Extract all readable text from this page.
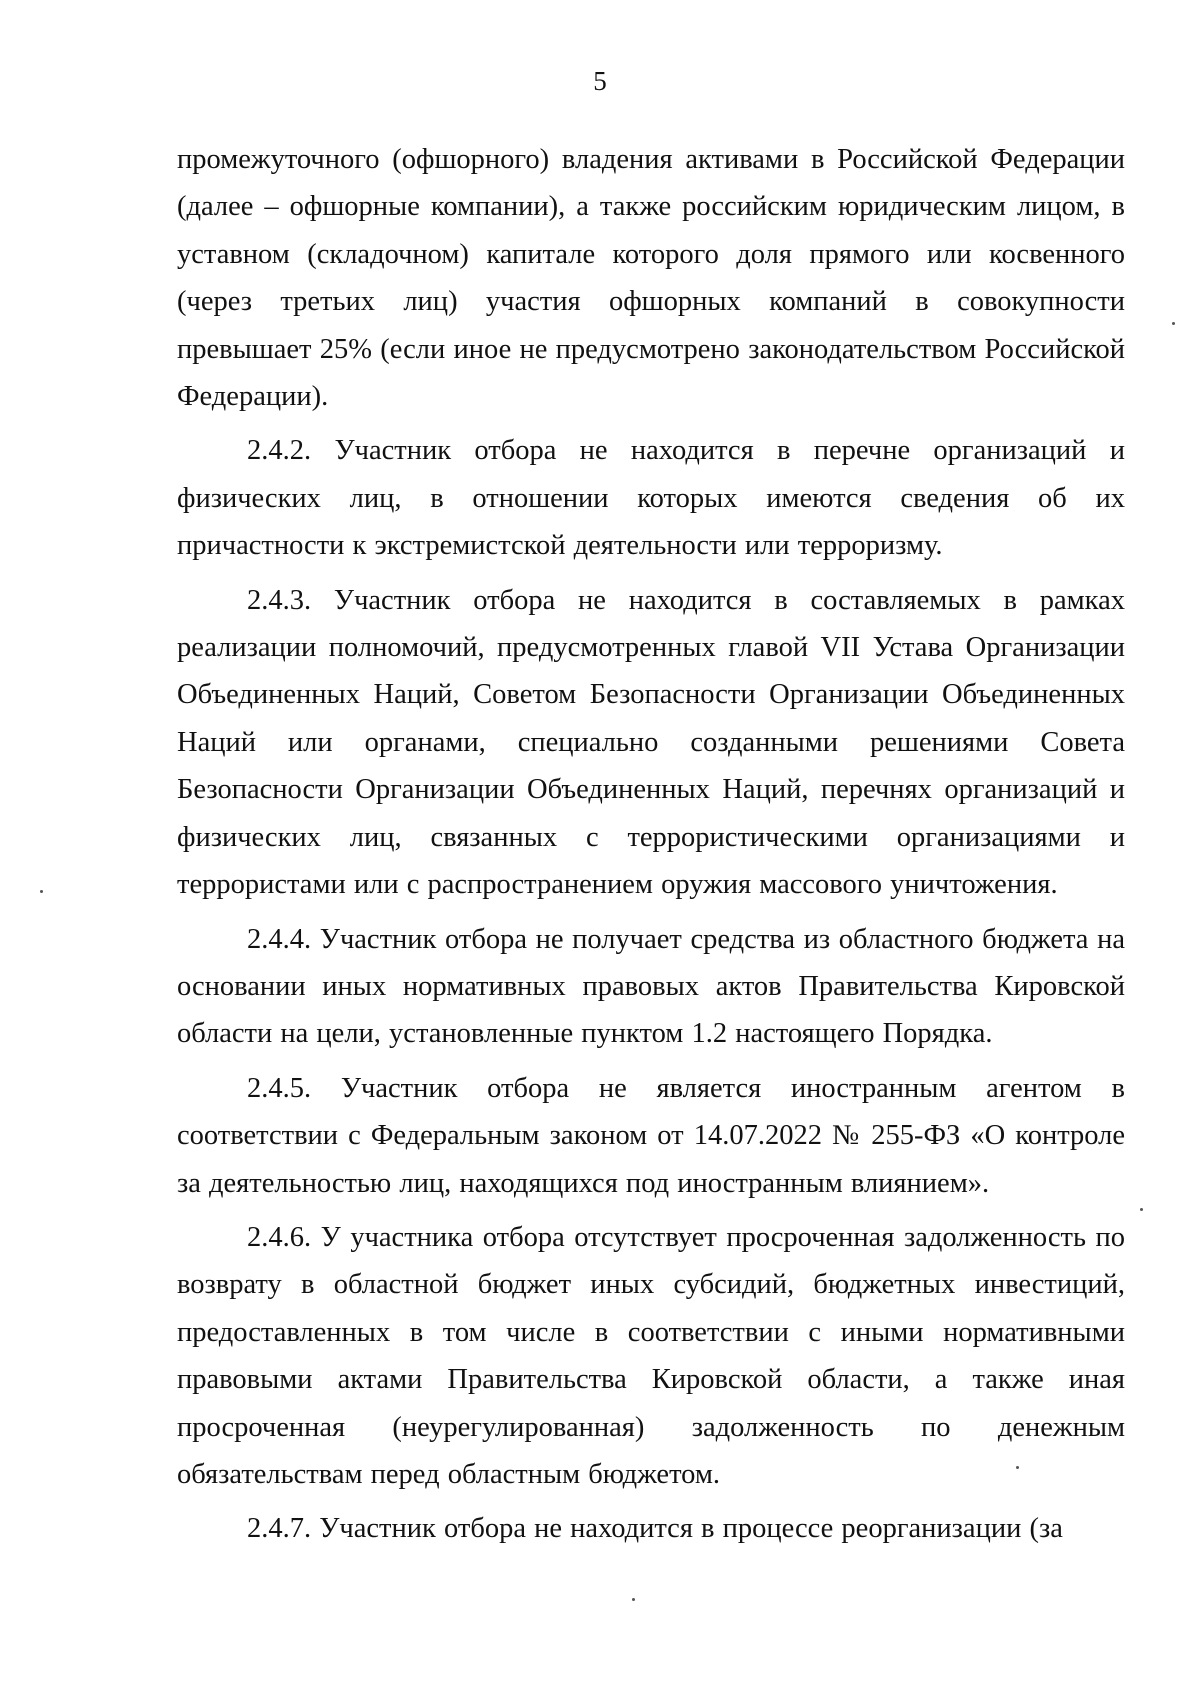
5

промежуточного (офшорного) владения активами в Российской Федерации (далее – офшорные компании), а также российским юридическим лицом, в уставном (складочном) капитале которого доля прямого или косвенного (через третьих лиц) участия офшорных компаний в совокупности превышает 25% (если иное не предусмотрено законодательством Российской Федерации).

2.4.2. Участник отбора не находится в перечне организаций и физических лиц, в отношении которых имеются сведения об их причастности к экстремистской деятельности или терроризму.

2.4.3. Участник отбора не находится в составляемых в рамках реализации полномочий, предусмотренных главой VII Устава Организации Объединенных Наций, Советом Безопасности Организации Объединенных Наций или органами, специально созданными решениями Совета Безопасности Организации Объединенных Наций, перечнях организаций и физических лиц, связанных с террористическими организациями и террористами или с распространением оружия массового уничтожения.

2.4.4. Участник отбора не получает средства из областного бюджета на основании иных нормативных правовых актов Правительства Кировской области на цели, установленные пунктом 1.2 настоящего Порядка.

2.4.5. Участник отбора не является иностранным агентом в соответствии с Федеральным законом от 14.07.2022 № 255-ФЗ «О контроле за деятельностью лиц, находящихся под иностранным влиянием».

2.4.6. У участника отбора отсутствует просроченная задолженность по возврату в областной бюджет иных субсидий, бюджетных инвестиций, предоставленных в том числе в соответствии с иными нормативными правовыми актами Правительства Кировской области, а также иная просроченная (неурегулированная) задолженность по денежным обязательствам перед областным бюджетом.

2.4.7. Участник отбора не находится в процессе реорганизации (за
